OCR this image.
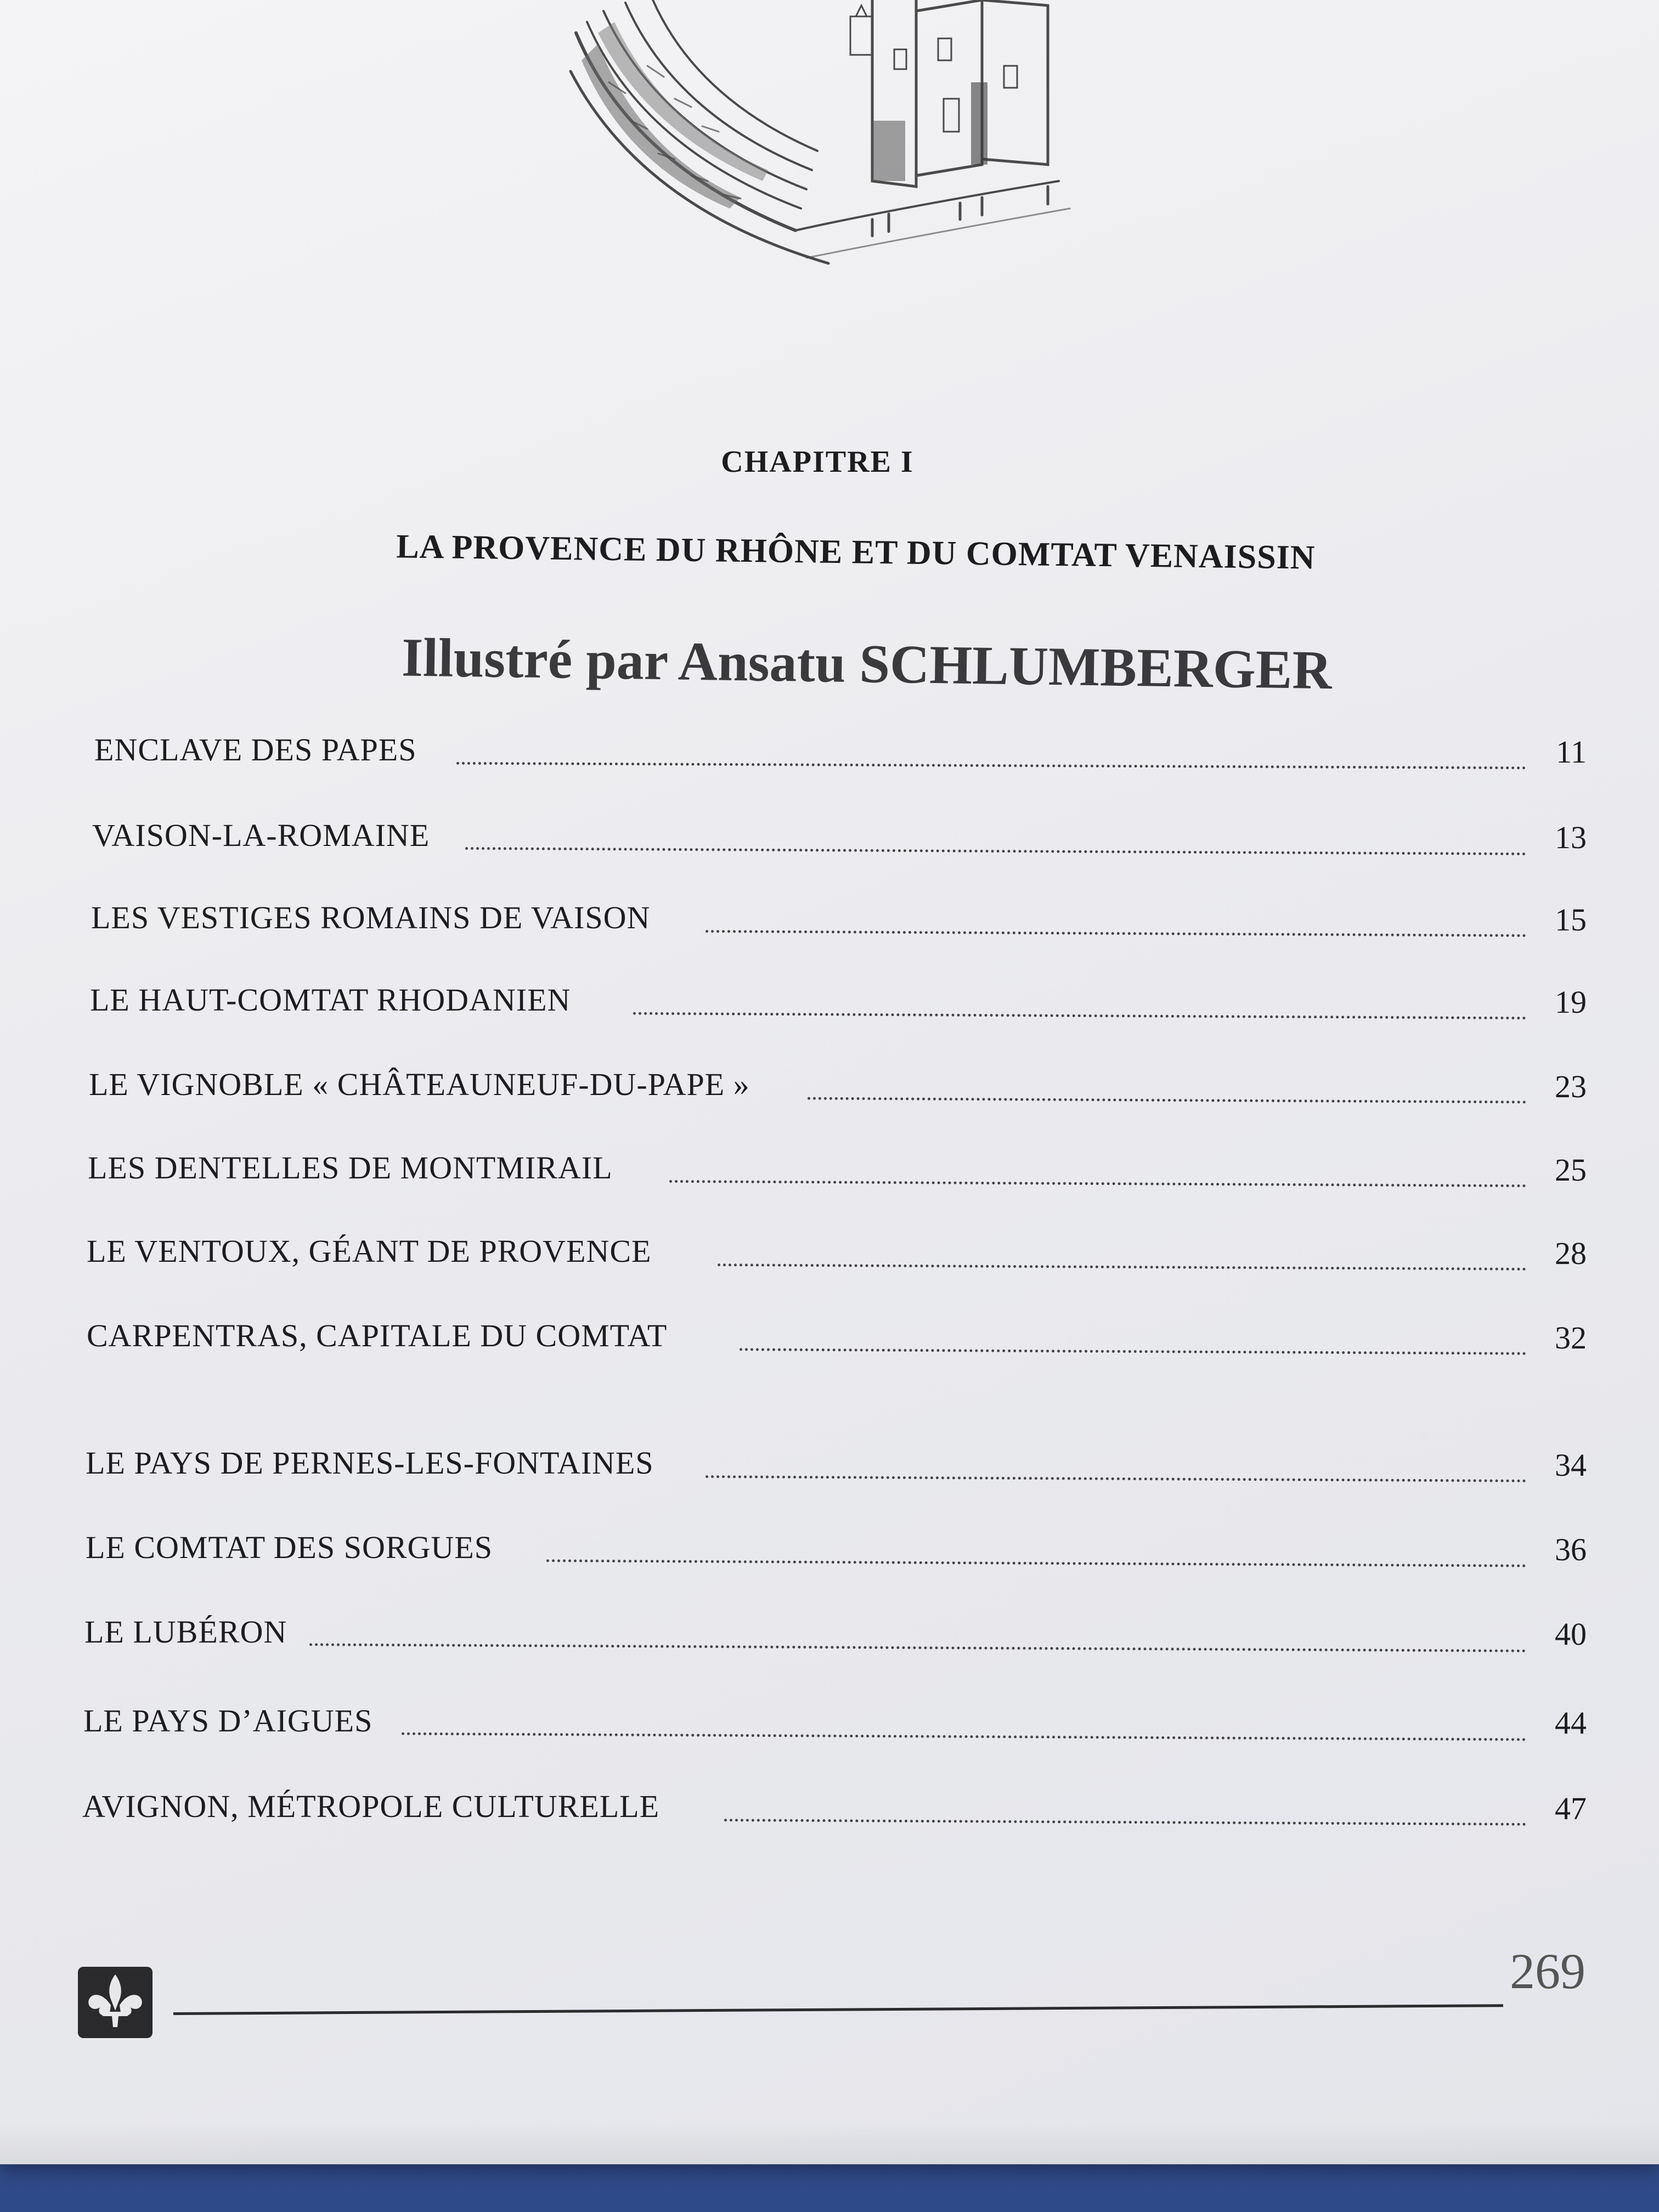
CHAPITRE I
LA PROVENCE DU RHÔNE ET DU COMTAT VENAISSIN
Illustré par Ansatu SCHLUMBERGER
ENCLAVE DES PAPES	11
VAISON-LA-ROMAINE	13
LES VESTIGES ROMAINS DE VAISON	15
LE HAUT-COMTAT RHODANIEN	19
LE VIGNOBLE « CHÂTEAUNEUF-DU-PAPE »	23
LES DENTELLES DE MONTMIRAIL	25
LE VENTOUX, GÉANT DE PROVENCE	28
CARPENTRAS, CAPITALE DU COMTAT	32
LE PAYS DE PERNES-LES-FONTAINES	34
LE COMTAT DES SORGUES	36
LE LUBÉRON	40
LE PAYS D’AIGUES	44
AVIGNON, MÉTROPOLE CULTURELLE	47
269
